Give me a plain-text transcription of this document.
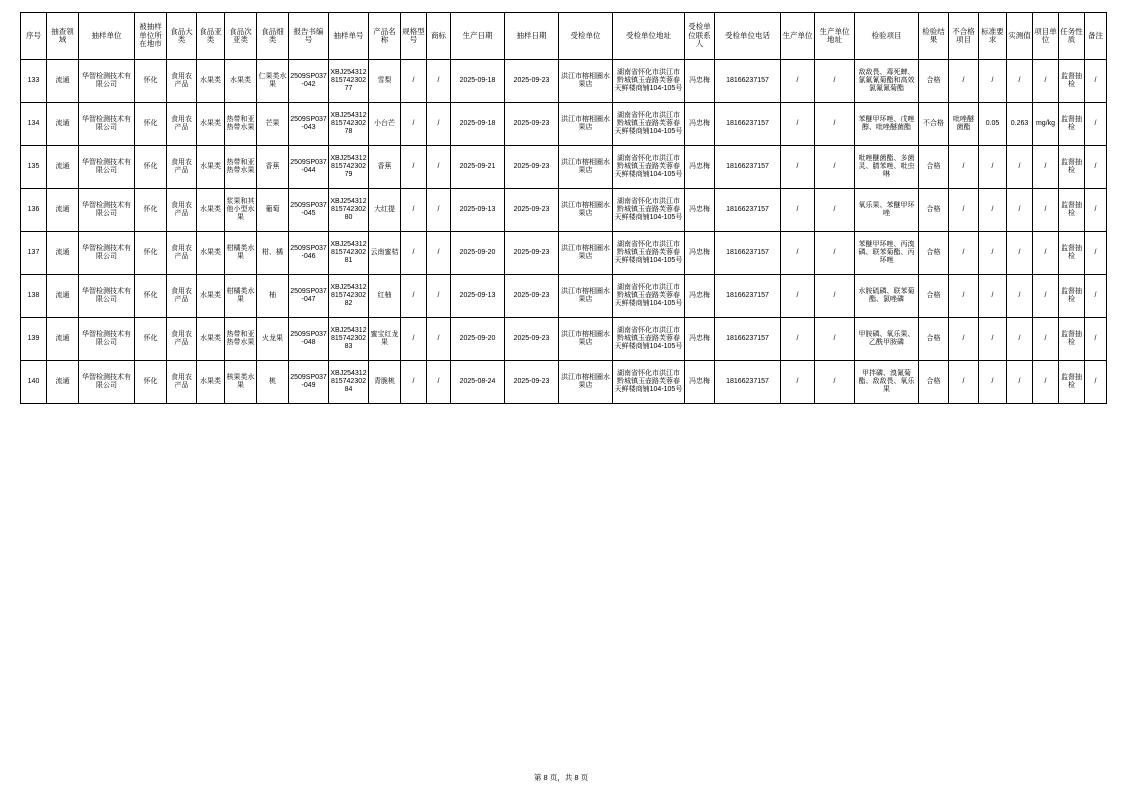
序号	抽查领域	抽样单位	被抽样单位所在地市	食品大类	食品亚类	食品次亚类	食品细类	报告书编号	抽样单号	产品名称	规格型号	商标	生产日期	抽样日期	受检单位	受检单位地址	受检单位联系人	受检单位电话	生产单位	生产单位地址	检验项目	检验结果	不合格项目	标准要求	实测值	项目单位	任务性质	备注
133	流通	华智检测技术有限公司	怀化	食用农产品	水果类	水果类	仁果类水果	2509SP037-042	XBJ25431281574230277	雪梨	/	/	2025-09-18	2025-09-23	洪江市榕相圈水果店	湖南省怀化市洪江市黔城镇玉壶路芙蓉春天鲜楼商铺104-105号	冯忠梅	18166237157	/	/	敌敌畏、毒死蜱、氯氟氰菊酯和高效氯氟氰菊酯	合格	/	/	/	/	监督抽检	/
134	流通	华智检测技术有限公司	怀化	食用农产品	水果类	热带和亚热带水果	芒果	2509SP037-043	XBJ25431281574230278	小台芒	/	/	2025-09-18	2025-09-23	洪江市榕相圈水果店	湖南省怀化市洪江市黔城镇玉壶路芙蓉春天鲜楼商铺104-105号	冯忠梅	18166237157	/	/	苯醚甲环唑、戊唑醇、吡唑醚菌酯	不合格	吡唑醚菌酯	0.05	0.263	mg/kg	监督抽检	/
135	流通	华智检测技术有限公司	怀化	食用农产品	水果类	热带和亚热带水果	香蕉	2509SP037-044	XBJ25431281574230279	香蕉	/	/	2025-09-21	2025-09-23	洪江市榕相圈水果店	湖南省怀化市洪江市黔城镇玉壶路芙蓉春天鲜楼商铺104-105号	冯忠梅	18166237157	/	/	吡唑醚菌酯、多菌灵、腈苯唑、吡虫啉	合格	/	/	/	/	监督抽检	/
136	流通	华智检测技术有限公司	怀化	食用农产品	水果类	浆果和其他小型水果	葡萄	2509SP037-045	XBJ25431281574230280	大红提	/	/	2025-09-13	2025-09-23	洪江市榕相圈水果店	湖南省怀化市洪江市黔城镇玉壶路芙蓉春天鲜楼商铺104-105号	冯忠梅	18166237157	/	/	氧乐果、苯醚甲环唑	合格	/	/	/	/	监督抽检	/
137	流通	华智检测技术有限公司	怀化	食用农产品	水果类	柑橘类水果	柑、橘	2509SP037-046	XBJ25431281574230281	云南蜜桔	/	/	2025-09-20	2025-09-23	洪江市榕相圈水果店	湖南省怀化市洪江市黔城镇玉壶路芙蓉春天鲜楼商铺104-105号	冯忠梅	18166237157	/	/	苯醚甲环唑、丙溴磷、联苯菊酯、丙环唑	合格	/	/	/	/	监督抽检	/
138	流通	华智检测技术有限公司	怀化	食用农产品	水果类	柑橘类水果	柚	2509SP037-047	XBJ25431281574230282	红柚	/	/	2025-09-13	2025-09-23	洪江市榕相圈水果店	湖南省怀化市洪江市黔城镇玉壶路芙蓉春天鲜楼商铺104-105号	冯忠梅	18166237157	/	/	水胺硫磷、联苯菊酯、氯唑磷	合格	/	/	/	/	监督抽检	/
139	流通	华智检测技术有限公司	怀化	食用农产品	水果类	热带和亚热带水果	火龙果	2509SP037-048	XBJ25431281574230283	蜜宝红龙果	/	/	2025-09-20	2025-09-23	洪江市榕相圈水果店	湖南省怀化市洪江市黔城镇玉壶路芙蓉春天鲜楼商铺104-105号	冯忠梅	18166237157	/	/	甲胺磷、氧乐果、乙酰甲胺磷	合格	/	/	/	/	监督抽检	/
140	流通	华智检测技术有限公司	怀化	食用农产品	水果类	核果类水果	桃	2509SP037-049	XBJ25431281574230284	青脆桃	/	/	2025-08-24	2025-09-23	洪江市榕相圈水果店	湖南省怀化市洪江市黔城镇玉壶路芙蓉春天鲜楼商铺104-105号	冯忠梅	18166237157	/	/	甲拌磷、溴氰菊酯、敌敌畏、氧乐果	合格	/	/	/	/	监督抽检	/
第 8 页，共 8 页
